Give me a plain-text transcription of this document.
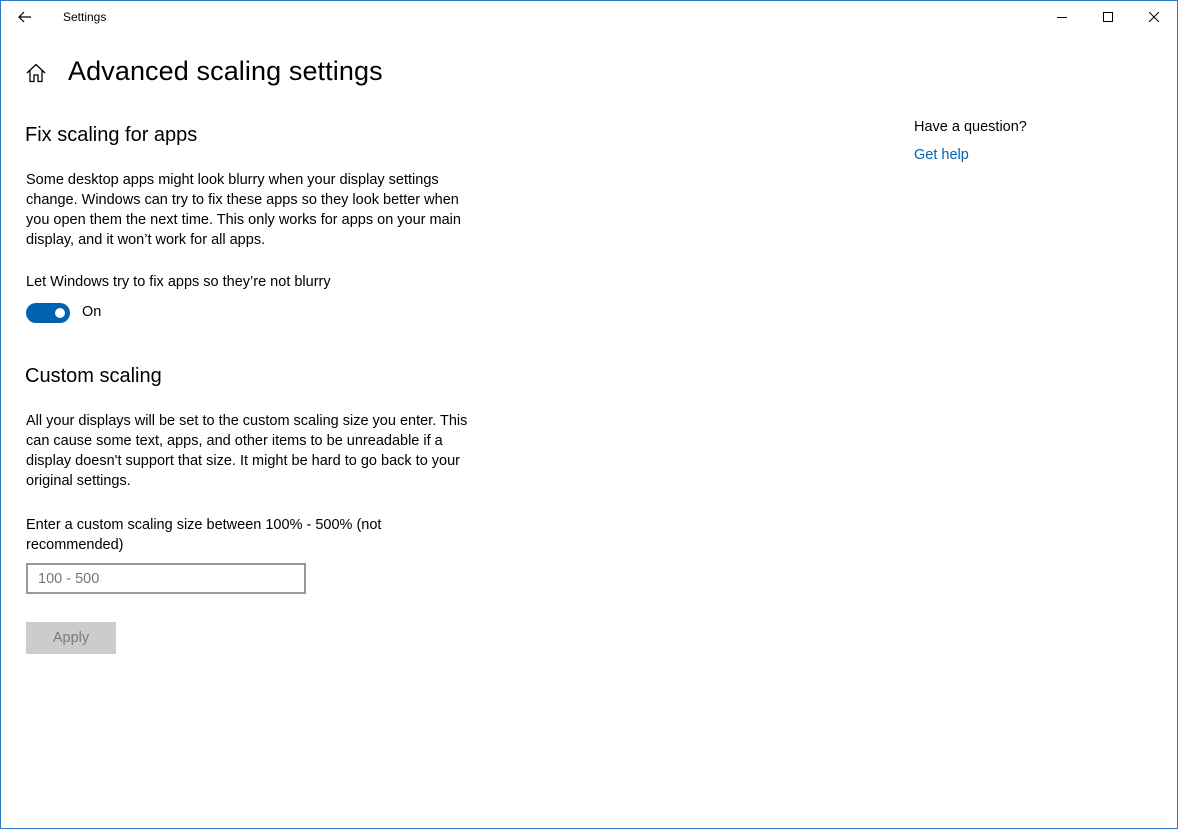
Settings
Advanced scaling settings
Fix scaling for apps

Some desktop apps might look blurry when your display settings change. Windows can try to fix these apps so they look better when you open them the next time. This only works for apps on your main display, and it won’t work for all apps.

Let Windows try to fix apps so they’re not blurry
On
Custom scaling

All your displays will be set to the custom scaling size you enter. This can cause some text, apps, and other items to be unreadable if a display doesn't support that size. It might be hard to go back to your original settings.

Enter a custom scaling size between 100% - 500% (not recommended)
100 - 500
Apply
Have a question?
Get help
